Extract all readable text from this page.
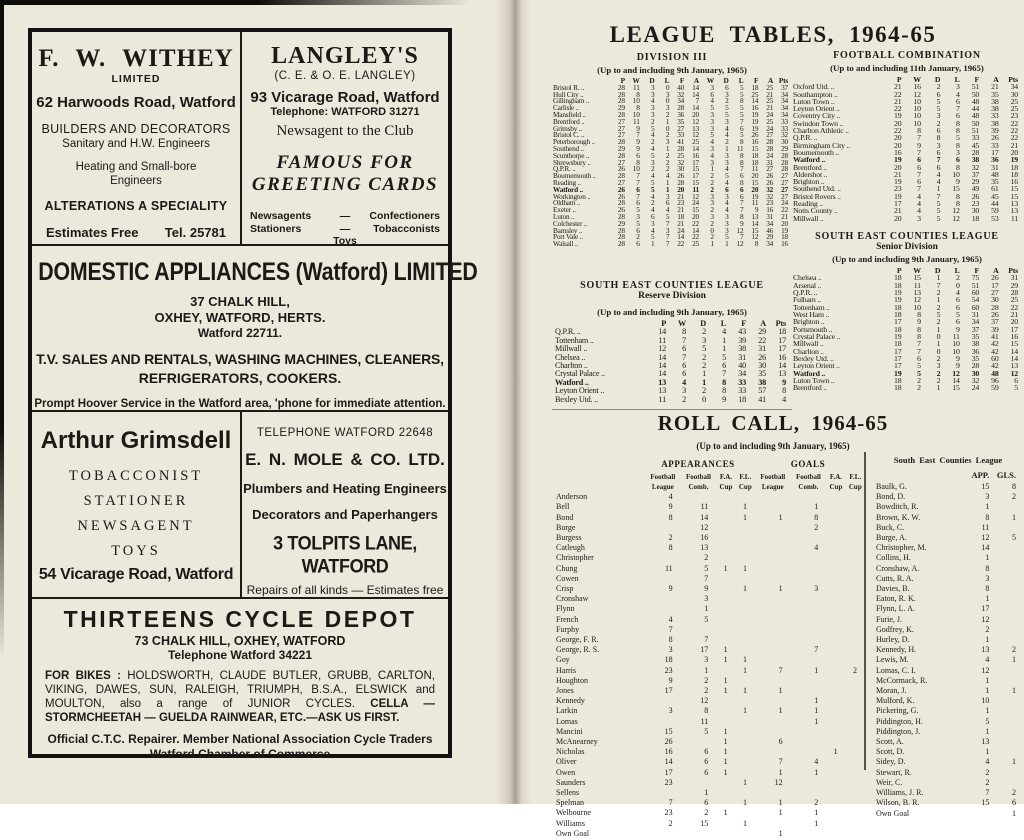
F. W. WITHEY
LIMITED
62 Harwoods Road, Watford
BUILDERS AND DECORATORS
Sanitary and H.W. Engineers
Heating and Small-bore
Engineers
ALTERATIONS A SPECIALITY
Estimates Free Tel. 25781
LANGLEY'S
(C. E. & O. E. LANGLEY)
93 Vicarage Road, Watford
Telephone: WATFORD 31271
Newsagent to the Club
FAMOUS FOR
GREETING CARDS
Newsagents
Stationers
—
—
Confectioners
Tobacconists
Toys
DOMESTIC APPLIANCES (Watford) LIMITED
37 CHALK HILL,
OXHEY, WATFORD, HERTS.
Watford 22711.
T.V. SALES AND RENTALS, WASHING MACHINES, CLEANERS,
REFRIGERATORS, COOKERS.
Prompt Hoover Service in the Watford area, 'phone for immediate attention.
Arthur Grimsdell
TOBACCONIST
STATIONER
NEWSAGENT
TOYS
54 Vicarage Road, Watford
TELEPHONE WATFORD 22648
E. N. MOLE & CO. LTD.
Plumbers and Heating Engineers
Decorators and Paperhangers
3 TOLPITS LANE, WATFORD
Repairs of all kinds — Estimates free
THIRTEENS CYCLE DEPOT
73 CHALK HILL, OXHEY, WATFORD
Telephone Watford 34221

FOR BIKES : HOLDSWORTH, CLAUDE BUTLER, GRUBB, CARLTON, VIKING, DAWES, SUN, RALEIGH, TRIUMPH, B.S.A., ELSWICK and MOULTON, also a range of JUNIOR CYCLES. CELLA — STORMCHEETAH — GUELDA RAINWEAR, ETC.—ASK US FIRST.

Official C.T.C. Repairer. Member National Association Cycle Traders
Watford Chamber of Commerce
LEAGUE TABLES, 1964-65
DIVISION III
(Up to and including 9th January, 1965)
	P	W	D	L	F	A	W	D	L	F	A	Pts
Bristol R. ..	28	11	3	0	40	14	3	6	5	18	25	37
Hull City ..	28	8	3	3	32	14	6	3	5	25	21	34
Gillingham ..	28	10	4	0	34	7	4	2	8	14	25	34
Carlisle ..	29	8	3	3	28	14	5	5	5	16	21	34
Mansfield ..	28	10	3	2	36	20	3	5	5	19	24	34
Brentford ..	27	11	2	1	35	12	3	3	7	19	25	33
Grimsby ..	27	9	5	0	27	13	3	4	6	19	24	33
Bristol C. ..	27	7	4	2	33	12	5	4	5	26	27	32
Peterborough ..	28	9	2	3	41	25	4	2	8	16	28	30
Southend ..	29	9	4	1	28	14	3	1	11	15	28	29
Scunthorpe ..	28	6	5	2	25	16	4	3	8	18	24	28
Shrewsbury ..	27	8	3	2	32	17	3	3	8	18	31	28
Q.P.R. ..	26	10	2	2	30	15	1	4	7	11	27	28
Bournemouth ..	28	7	4	4	26	17	2	5	6	20	26	27
Reading ..	27	7	5	1	28	15	2	4	8	15	26	27
Watford ..	26	6	5	1	20	11	2	6	6	20	32	27
Workington ..	26	7	4	3	21	12	3	3	6	19	32	27
Oldham ..	28	6	2	6	23	24	3	4	7	11	23	24
Exeter ..	26	5	4	4	21	15	2	4	7	9	16	22
Luton ..	28	3	6	5	18	20	3	3	8	13	31	21
Colchester ..	29	5	3	7	21	22	2	3	9	14	34	20
Barnsley ..	28	6	4	3	24	14	0	3	12	15	46	19
Port Vale ..	28	2	5	7	14	22	2	5	7	12	29	18
Walsall ..	28	6	1	7	22	25	1	1	12	8	34	16
SOUTH EAST COUNTIES LEAGUE
Reserve Division
(Up to and including 9th January, 1965)
	P	W	D	L	F	A	Pts
Q.P.R. ..	14	8	2	4	43	29	18
Tottenham ..	11	7	3	1	39	22	17
Millwall ..	12	6	5	1	38	31	17
Chelsea ..	14	7	2	5	31	26	16
Charlton ..	14	6	2	6	40	30	14
Crystal Palace ..	14	6	1	7	34	35	13
Watford ..	13	4	1	8	33	38	9
Leyton Orient ..	13	3	2	8	33	57	8
Bexley Utd. ..	11	2	0	9	18	41	4
FOOTBALL COMBINATION
(Up to and including 11th January, 1965)
	P	W	D	L	F	A	Pts
Oxford Utd. ..	21	16	2	3	51	21	34
Southampton ..	22	12	6	4	50	35	30
Luton Town ..	21	10	5	6	48	38	25
Leyton Orient ..	22	10	5	7	44	38	25
Coventry City ..	19	10	3	6	48	33	23
Swindon Town ..	20	10	2	8	50	38	22
Charlton Athletic ..	22	8	6	8	51	39	22
Q.P.R. ..	20	7	8	5	33	26	22
Birmingham City ..	20	9	3	8	45	33	21
Bournemouth ..	16	7	6	3	28	17	20
Watford ..	19	6	7	6	38	36	19
Brentford ..	20	6	6	8	32	31	18
Aldershot ..	21	7	4	10	37	48	18
Brighton ..	19	6	4	9	29	35	16
Southend Utd. ..	23	7	1	15	49	61	15
Bristol Rovers ..	19	4	7	8	26	45	15
Reading ..	17	4	5	8	23	44	13
Notts County ..	21	4	5	12	30	59	13
Millwall ..	20	3	5	12	18	53	11
SOUTH EAST COUNTIES LEAGUE
Senior Division
(Up to and including 9th January, 1965)
	P	W	D	L	F	A	Pts
Chelsea ..	18	15	1	2	75	26	31
Arsenal ..	18	11	7	0	51	17	29
Q.P.R. ..	19	13	2	4	60	27	28
Fulham ..	19	12	1	6	54	30	25
Tottenham ..	18	10	2	6	60	28	22
West Ham ..	18	8	5	5	31	26	21
Brighton ..	17	9	2	6	34	37	20
Portsmouth ..	18	8	1	9	37	39	17
Crystal Palace ..	19	8	0	11	35	41	16
Millwall ..	18	7	1	10	38	42	15
Charlton ..	17	7	0	10	36	42	14
Bexley Utd. ..	17	6	2	9	35	60	14
Leyton Orient ..	17	5	3	9	28	42	13
Watford ..	19	5	2	12	30	48	12
Luton Town ..	18	2	2	14	32	96	6
Brentford ..	18	2	1	15	24	59	5
ROLL CALL, 1964-65
(Up to and including 9th January, 1965)
APPEARANCES	GOALS
	Football	Football	F.A.	F.L.	Football	Football	F.A.	F.L.
	League	Comb.	Cup	Cup	League	Comb.	Cup	Cup
Anderson	4							
Bell	9	11		1		1		
Bond	8	14		1	1	8		
Burge		12				2		
Burgess	2	16						
Catleugh	8	13				4		
Christopher		2						
Chung	11	5	1	1				
Cowen		7						
Crisp	9	9		1	1	3		
Cronshaw		3						
Flynn		1						
French	4	5						
Furphy	7							
George, F. R.	8	7						
George, R. S.	3	17	1			7		
Goy	18	3	1	1				
Harris	23	1		1	7	1		2
Houghton	9	2	1					
Jones	17	2	1	1	1			
Kennedy		12				1		
Larkin	3	8		1	1	1		
Lomas		11				1		
Mancini	15	5	1					
McAnearney	26		1		6			
Nicholas	16	6	1				1	
Oliver	14	6	1		7	4		
Owen	17	6	1		1	1		
Saunders	23			1	12			
Sellens		1						
Spelman	7	6		1	1	2		
Welbourne	23	2	1		1	1		
Williams	2	15		1		1		
Own Goal					1			
South East Counties League
	APP.	GLS.
Baulk, G.	15	8
Bond, D.	3	2
Bowditch, R.	1	
Brown, K. W.	8	1
Buck, C.	11	
Burge, A.	12	5
Christopher, M.	14	
Collins, H.	1	
Cronshaw, A.	8	
Cutts, R. A.	3	
Davies, B.	8	
Eaton, R. K.	1	
Flynn, L. A.	17	
Furie, J.	12	
Godfrey, K.	2	
Hurley, D.	1	
Kennedy, H.	13	2
Lewis, M.	4	1
Lomas, C. I.	12	
McCormack, R.	1	
Moran, J.	1	1
Mulford, K.	10	
Pickering, G.	1	
Piddington, H.	5	
Piddington, J.	1	
Scott, A.	13	
Scott, D.	1	
Sidey, D.	4	1
Stewart, R.	2	
Weir, C.	2	
Williams, J. R.	7	2
Wilson, B. R.	15	6
Own Goal		1
